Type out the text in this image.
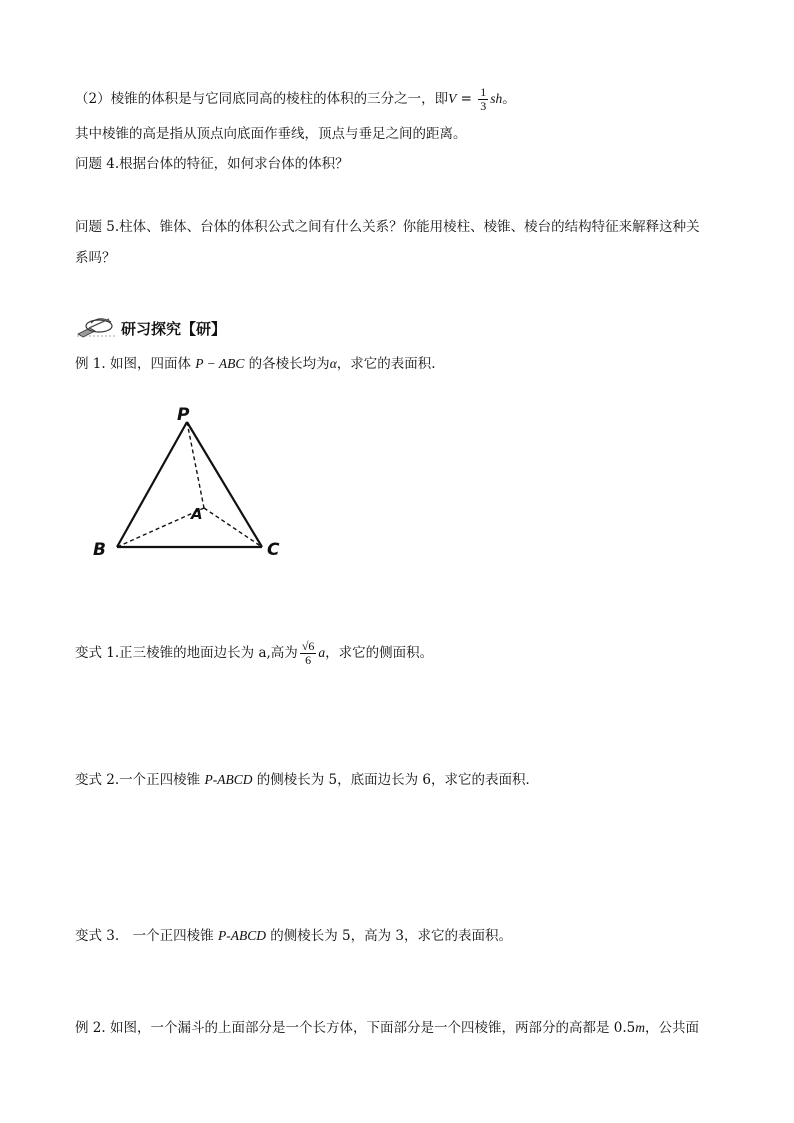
（2）棱锥的体积是与它同底同高的棱柱的体积的三分之一，即$V = \frac{1}{3}$ sh。
其中棱锥的高是指从顶点向底面作垂线，顶点与垂足之间的距离。
问题 4.根据台体的特征，如何求台体的体积？
问题 5.柱体、锥体、台体的体积公式之间有什么关系？你能用棱柱、棱锥、棱台的结构特征来解释这种关
系吗？
研习探究【研】
例 1. 如图，四面体 P − ABC 的各棱长均为α，求它的表面积.
P
A
B	C
变式 1.正三棱锥的地面边长为 a,高为 $\frac{√6}{6}$ a，求它的侧面积。
变式 2.一个正四棱锥 P-ABCD 的侧棱长为 5，底面边长为 6，求它的表面积．
变式 3.　一个正四棱锥 P-ABCD 的侧棱长为 5，高为 3，求它的表面积。
例 2. 如图，一个漏斗的上面部分是一个长方体，下面部分是一个四棱锥，两部分的高都是 0.5m，公共面
